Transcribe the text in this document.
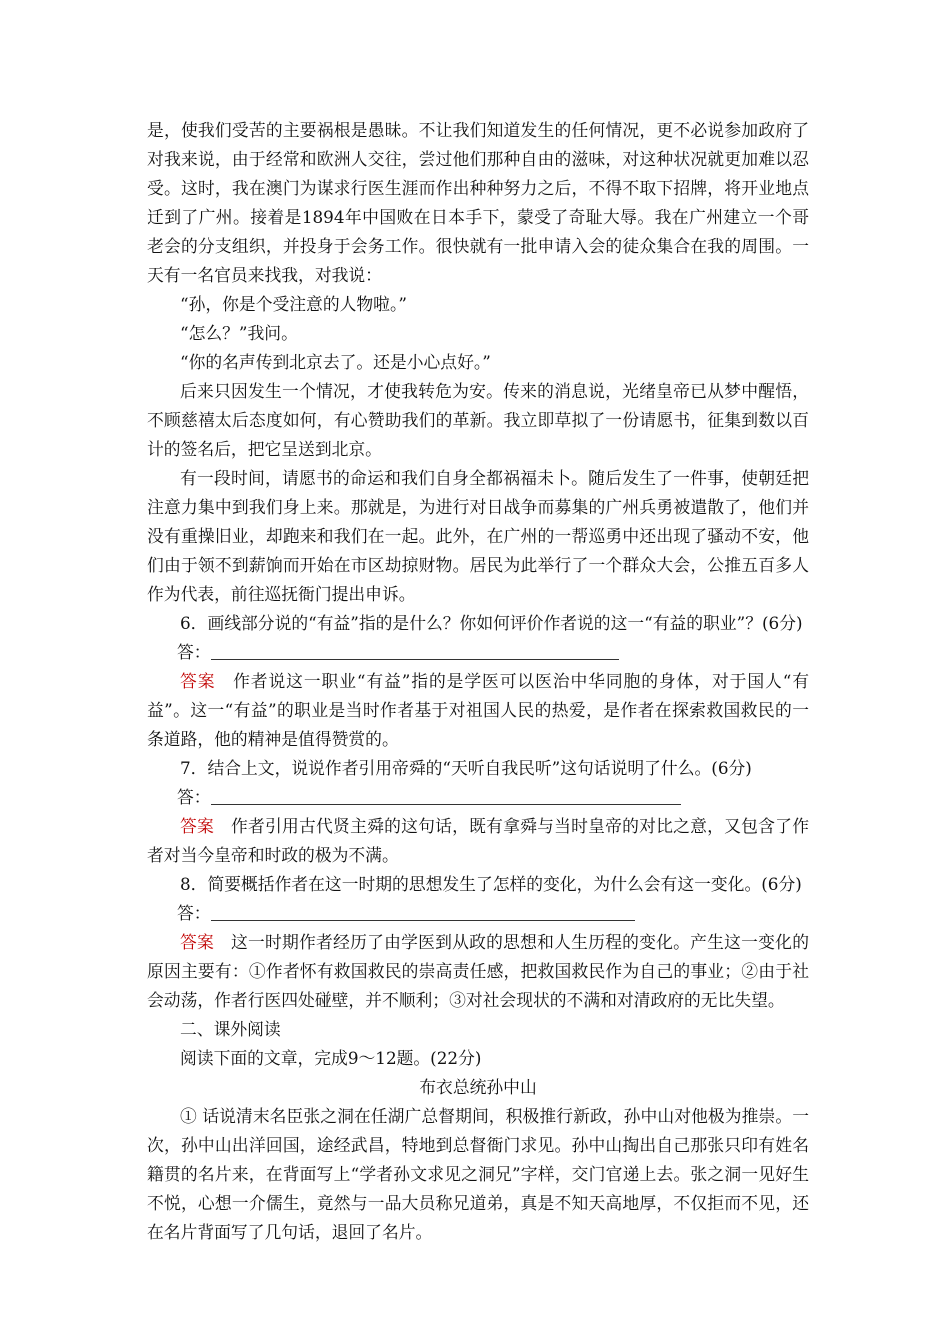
是，使我们受苦的主要祸根是愚昧。不让我们知道发生的任何情况，更不必说参加政府了对我来说，由于经常和欧洲人交往，尝过他们那种自由的滋味，对这种状况就更加难以忍受。这时，我在澳门为谋求行医生涯而作出种种努力之后，不得不取下招牌，将开业地点迁到了广州。接着是1894年中国败在日本手下，蒙受了奇耻大辱。我在广州建立一个哥老会的分支组织，并投身于会务工作。很快就有一批申请入会的徒众集合在我的周围。一天有一名官员来找我，对我说：

“孙，你是个受注意的人物啦。”

“怎么？”我问。

“你的名声传到北京去了。还是小心点好。”

后来只因发生一个情况，才使我转危为安。传来的消息说，光绪皇帝已从梦中醒悟，不顾慈禧太后态度如何，有心赞助我们的革新。我立即草拟了一份请愿书，征集到数以百计的签名后，把它呈送到北京。

有一段时间，请愿书的命运和我们自身全都祸福未卜。随后发生了一件事，使朝廷把注意力集中到我们身上来。那就是，为进行对日战争而募集的广州兵勇被遣散了，他们并没有重操旧业，却跑来和我们在一起。此外，在广州的一帮巡勇中还出现了骚动不安，他们由于领不到薪饷而开始在市区劫掠财物。居民为此举行了一个群众大会，公推五百多人作为代表，前往巡抚衙门提出申诉。

6．画线部分说的“有益”指的是什么？你如何评价作者说的这一“有益的职业”？(6分)

答：

答案　 作者说这一职业“有益”指的是学医可以医治中华同胞的身体，对于国人“有益”。这一“有益”的职业是当时作者基于对祖国人民的热爱，是作者在探索救国救民的一条道路，他的精神是值得赞赏的。

7．结合上文，说说作者引用帝舜的“天听自我民听”这句话说明了什么。(6分)

答：

答案　 作者引用古代贤主舜的这句话，既有拿舜与当时皇帝的对比之意，又包含了作者对当今皇帝和时政的极为不满。

8．简要概括作者在这一时期的思想发生了怎样的变化，为什么会有这一变化。(6分)

答：

答案　 这一时期作者经历了由学医到从政的思想和人生历程的变化。产生这一变化的原因主要有：①作者怀有救国救民的崇高责任感，把救国救民作为自己的事业；②由于社会动荡，作者行医四处碰壁，并不顺利；③对社会现状的不满和对清政府的无比失望。

二、课外阅读

阅读下面的文章，完成9～12题。(22分)

布衣总统孙中山

① 话说清末名臣张之洞在任湖广总督期间，积极推行新政，孙中山对他极为推崇。一次，孙中山出洋回国，途经武昌，特地到总督衙门求见。孙中山掏出自己那张只印有姓名籍贯的名片来，在背面写上“学者孙文求见之洞兄”字样，交门官递上去。张之洞一见好生不悦，心想一介儒生，竟然与一品大员称兄道弟，真是不知天高地厚，不仅拒而不见，还在名片背面写了几句话，退回了名片。
